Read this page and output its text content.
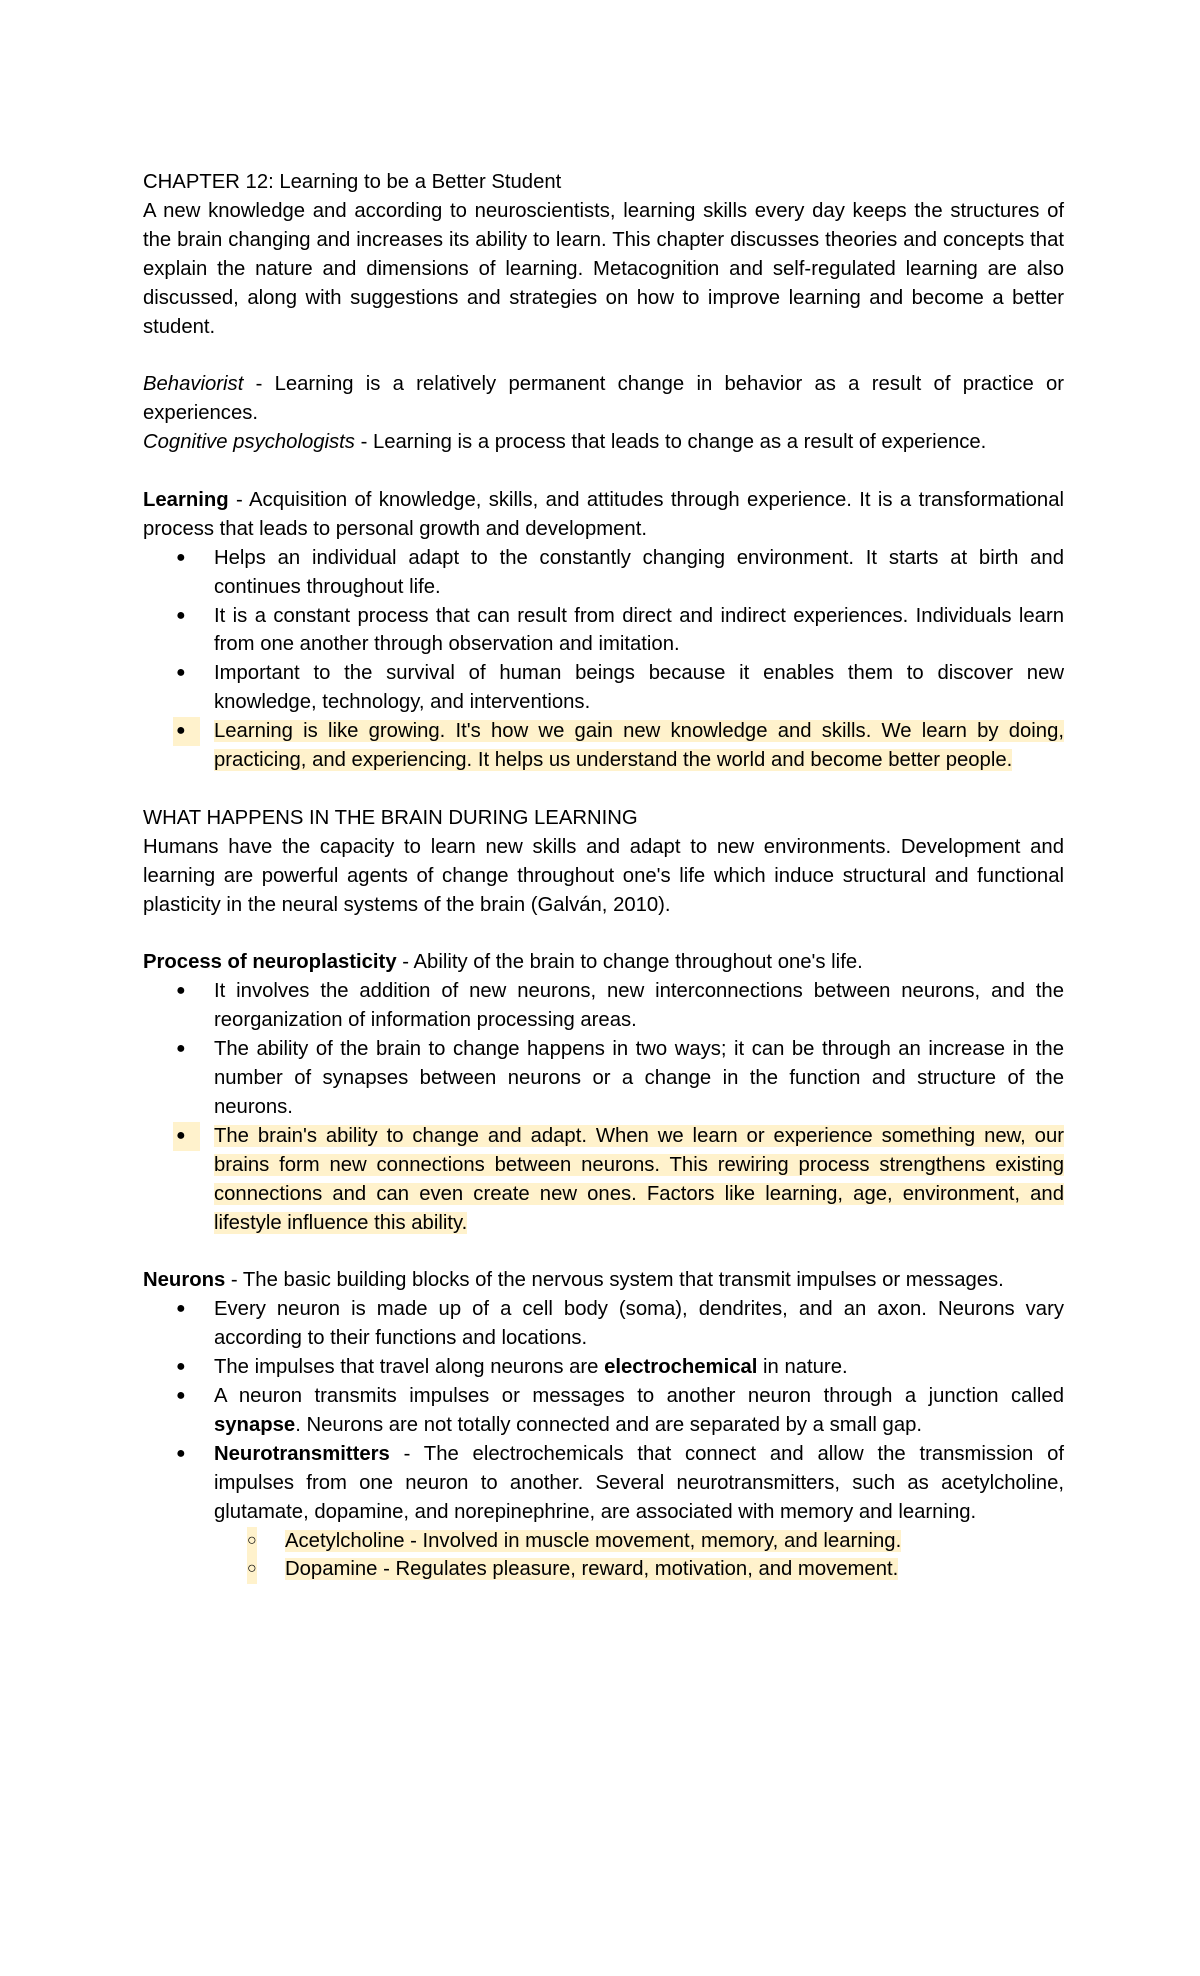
CHAPTER 12: Learning to be a Better Student

A new knowledge and according to neuroscientists, learning skills every day keeps the structures of the brain changing and increases its ability to learn. This chapter discusses theories and concepts that explain the nature and dimensions of learning. Metacognition and self-regulated learning are also discussed, along with suggestions and strategies on how to improve learning and become a better student.

Behaviorist - Learning is a relatively permanent change in behavior as a result of practice or experiences.

Cognitive psychologists - Learning is a process that leads to change as a result of experience.

Learning - Acquisition of knowledge, skills, and attitudes through experience. It is a transformational process that leads to personal growth and development.

● Helps an individual adapt to the constantly changing environment. It starts at birth and continues throughout life.
● It is a constant process that can result from direct and indirect experiences. Individuals learn from one another through observation and imitation.
● Important to the survival of human beings because it enables them to discover new knowledge, technology, and interventions.
●	Learning is like growing. It's how we gain new knowledge and skills. We learn by doing, practicing, and experiencing. It helps us understand the world and become better people.

WHAT HAPPENS IN THE BRAIN DURING LEARNING

Humans have the capacity to learn new skills and adapt to new environments. Development and learning are powerful agents of change throughout one's life which induce structural and functional plasticity in the neural systems of the brain (Galván, 2010).

Process of neuroplasticity - Ability of the brain to change throughout one's life.

● It involves the addition of new neurons, new interconnections between neurons, and the reorganization of information processing areas.
● The ability of the brain to change happens in two ways; it can be through an increase in the number of synapses between neurons or a change in the function and structure of the neurons.
●	The brain's ability to change and adapt. When we learn or experience something new, our brains form new connections between neurons. This rewiring process strengthens existing connections and can even create new ones. Factors like learning, age, environment, and lifestyle influence this ability.

Neurons - The basic building blocks of the nervous system that transmit impulses or messages.

● Every neuron is made up of a cell body (soma), dendrites, and an axon. Neurons vary according to their functions and locations.
● The impulses that travel along neurons are electrochemical in nature.
● A neuron transmits impulses or messages to another neuron through a junction called synapse. Neurons are not totally connected and are separated by a small gap.
● Neurotransmitters - The electrochemicals that connect and allow the transmission of impulses from one neuron to another. Several neurotransmitters, such as acetylcholine, glutamate, dopamine, and norepinephrine, are associated with memory and learning.
○ Acetylcholine - Involved in muscle movement, memory, and learning.
○ Dopamine - Regulates pleasure, reward, motivation, and movement.
